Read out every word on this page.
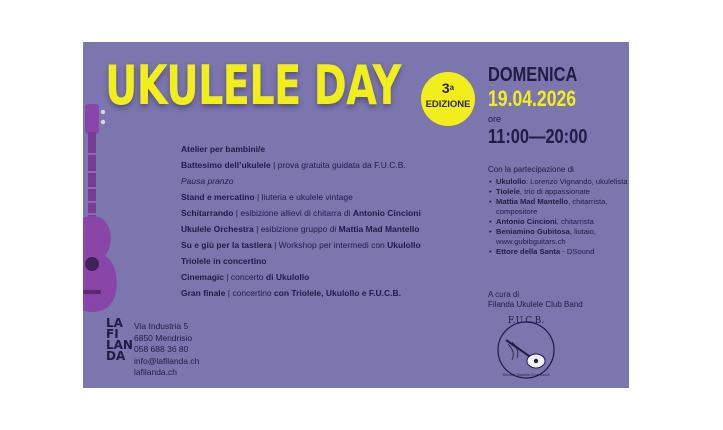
UKULELE DAY	3$^a$
EDIZIONE
DOMENICA
19.04.2026
ore
11:00—20:00
Atelier per bambini/e
Battesimo dell’ukulele | prova gratuita guidata da F.U.C.B.
Pausa pranzo
Stand e mercatino | liuteria e ukulele vintage
Schitarrando | esibizione allievi di chitarra di Antonio Cincioni
Ukulele Orchestra | esibizione gruppo di Mattia Mad Mantello
Su e giù per la tastiera | Workshop per intermedi con Ukulollo
Triolele in concertino
Cinemagic | concerto di Ukulollo
Gran finale | concertino con Triolele, Ukulollo e F.U.C.B.
Con la partecipazione di
• Ukulollo: Lorenzo Vignando, ukulelista
• Tiolele, trio di appassionate
• Mattia Mad Mantello, chitarrista, compositore
• Antonio Cincioni, chitarrista
• Beniamino Gubitosa, liutaio, www.gubibguitars.ch
• Ettore della Santa - DSound
A cura di
Filanda Ukulele Club Band
LA
FI
LAN
DA
Via Industria 5
6850 Mendrisio
058 688 36 80
info@lafilanda.ch
lafilanda.ch
F.U.C.B.
Filanda Ukulele Club Band
